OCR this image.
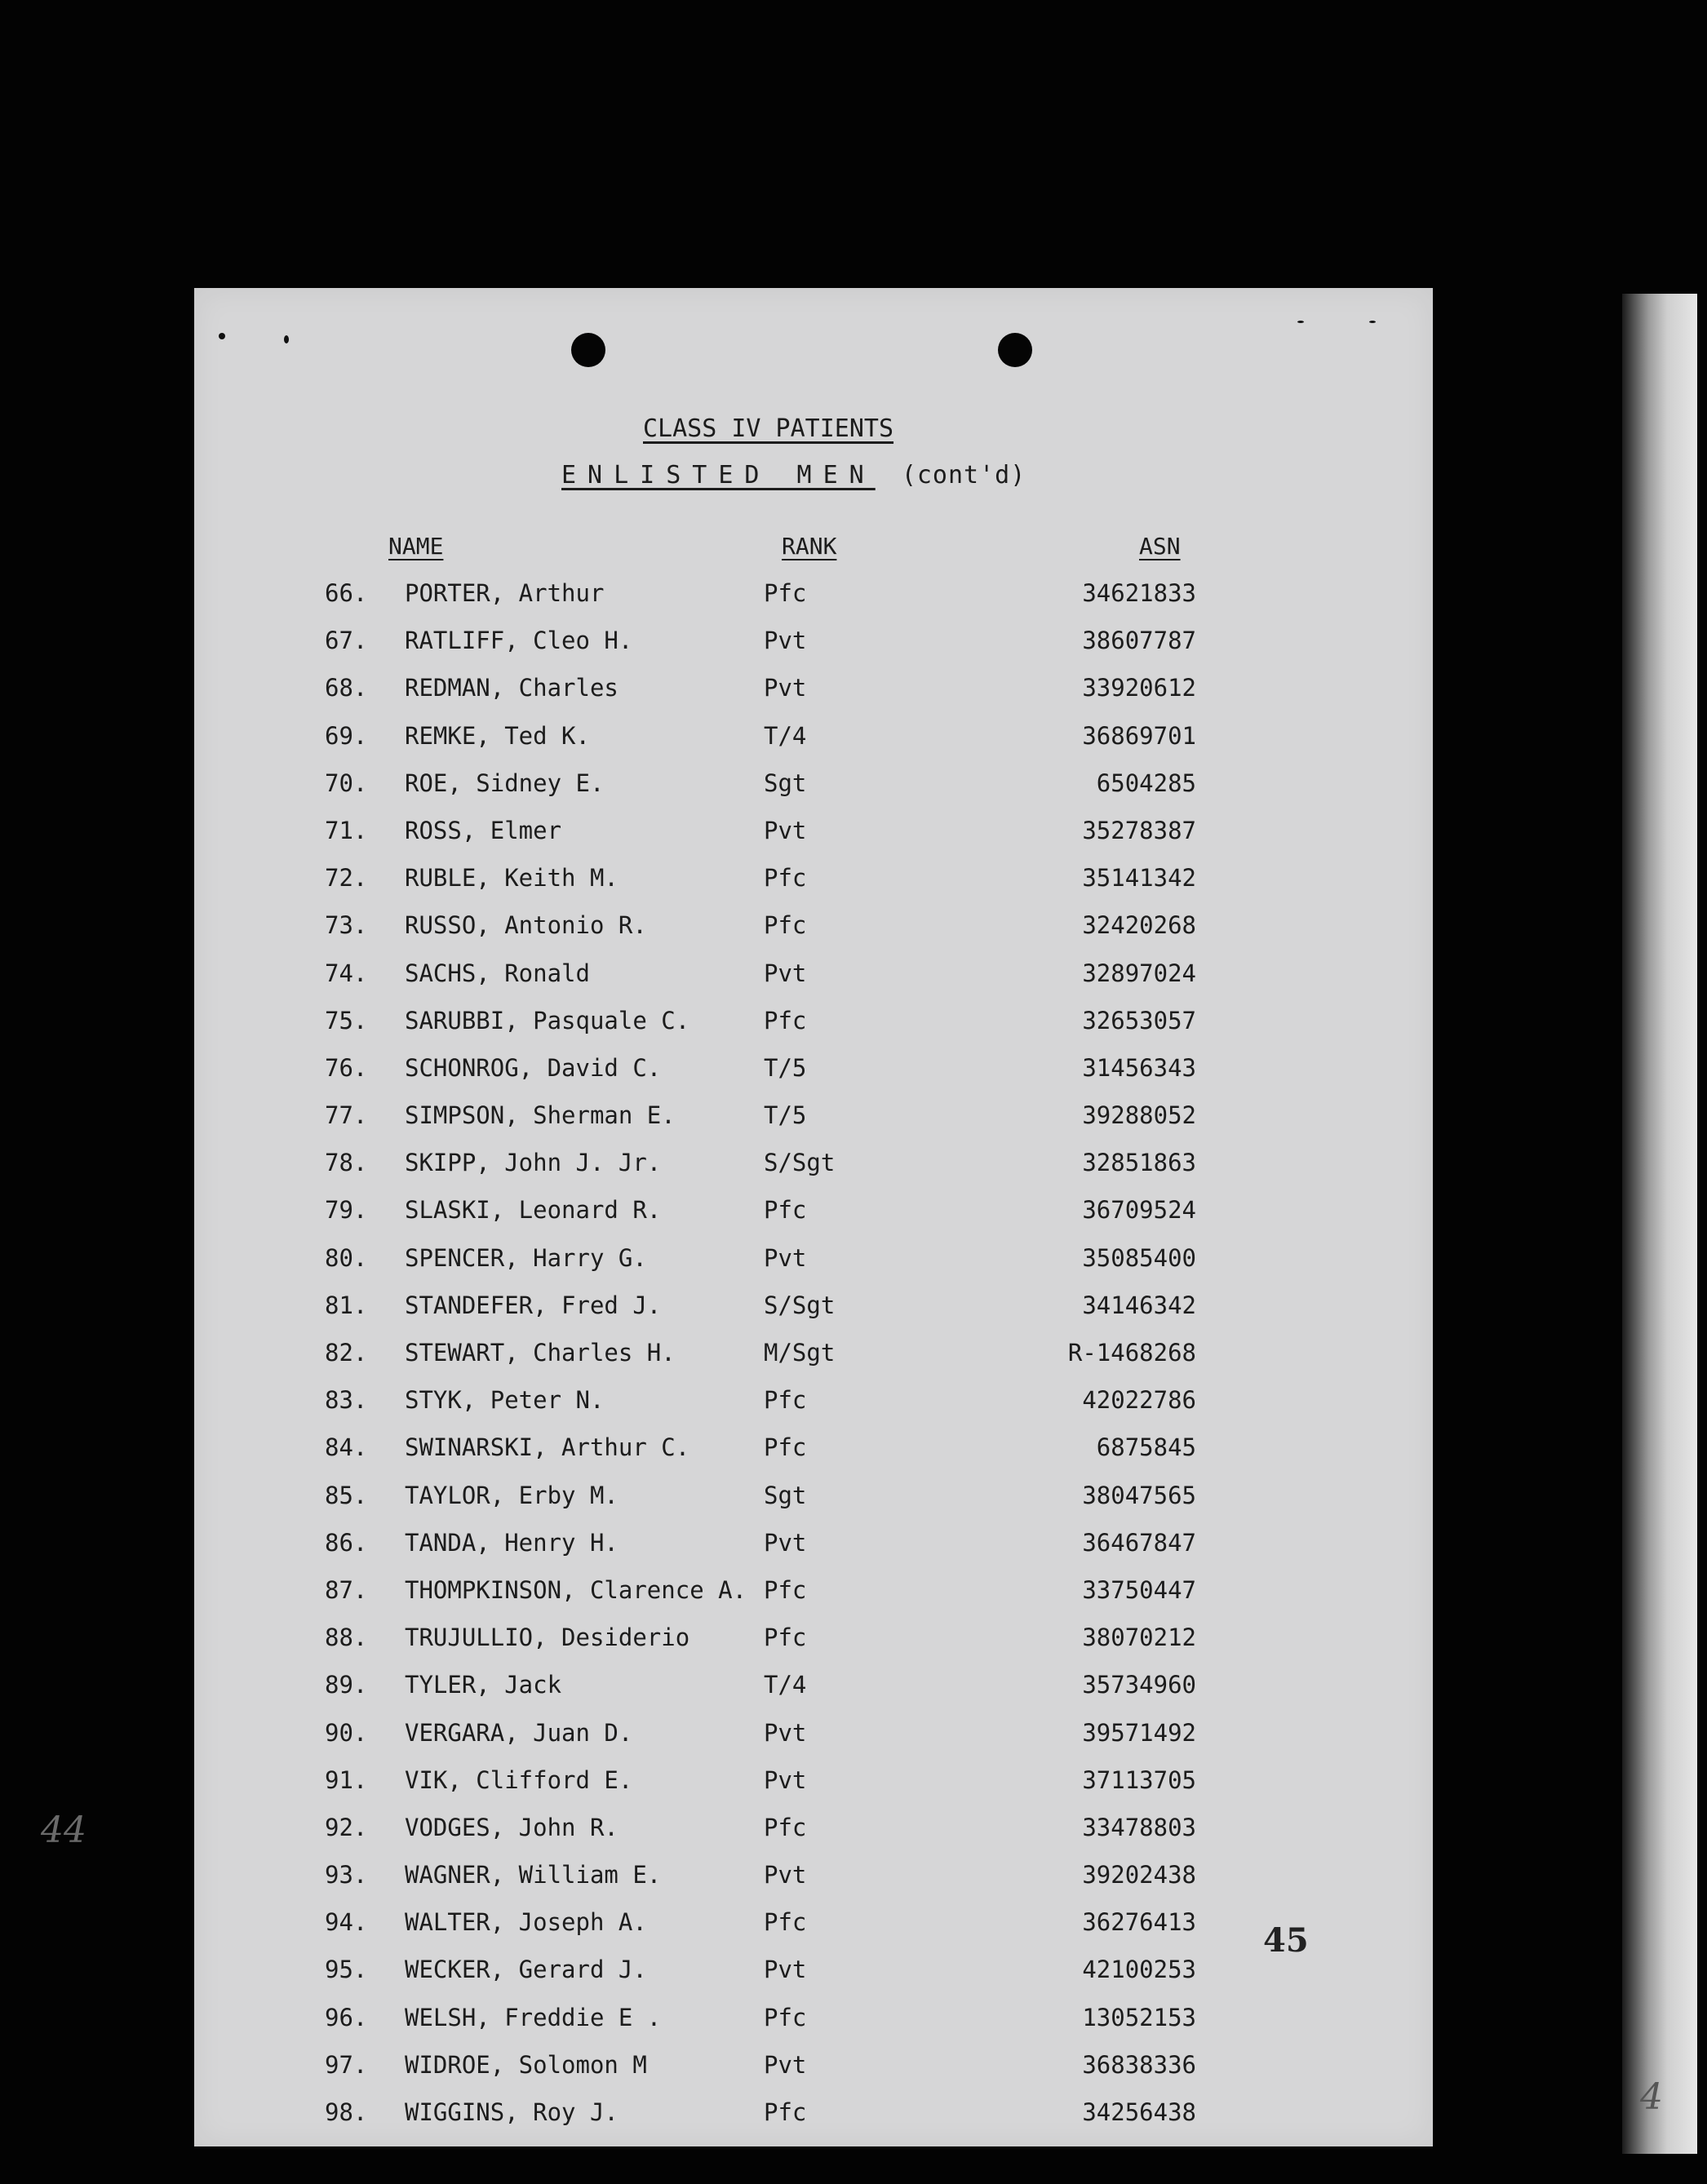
4
CLASS IV PATIENTS
ENLISTED MEN (cont'd)
NAME	RANK	ASN
66. PORTER, Arthur	Pfc	34621833
67. RATLIFF, Cleo H.	Pvt	38607787
68. REDMAN, Charles	Pvt	33920612
69. REMKE, Ted K.	T/4	36869701
70. ROE, Sidney E.	Sgt	6504285
71. ROSS, Elmer	Pvt	35278387
72. RUBLE, Keith M.	Pfc	35141342
73. RUSSO, Antonio R.	Pfc	32420268
74. SACHS, Ronald	Pvt	32897024
75. SARUBBI, Pasquale C.	Pfc	32653057
76. SCHONROG, David C.	T/5	31456343
77. SIMPSON, Sherman E.	T/5	39288052
78. SKIPP, John J. Jr.	S/Sgt	32851863
79. SLASKI, Leonard R.	Pfc	36709524
80. SPENCER, Harry G.	Pvt	35085400
81. STANDEFER, Fred J.	S/Sgt	34146342
82. STEWART, Charles H.	M/Sgt	R-1468268
83. STYK, Peter N.	Pfc	42022786
84. SWINARSKI, Arthur C.	Pfc	6875845
85. TAYLOR, Erby M.	Sgt	38047565
86. TANDA, Henry H.	Pvt	36467847
87. THOMPKINSON, Clarence A. Pfc	33750447
88. TRUJULLIO, Desiderio	Pfc	38070212
89. TYLER, Jack	T/4	35734960
90. VERGARA, Juan D.	Pvt	39571492
91. VIK, Clifford E.	Pvt	37113705
92. VODGES, John R.	Pfc	33478803
93. WAGNER, William E.	Pvt	39202438
94. WALTER, Joseph A.	Pfc	36276413
95. WECKER, Gerard J.	Pvt	42100253
96. WELSH, Freddie E .	Pfc	13052153
97. WIDROE, Solomon M	Pvt	36838336
98. WIGGINS, Roy J.	Pfc	34256438
45
44
